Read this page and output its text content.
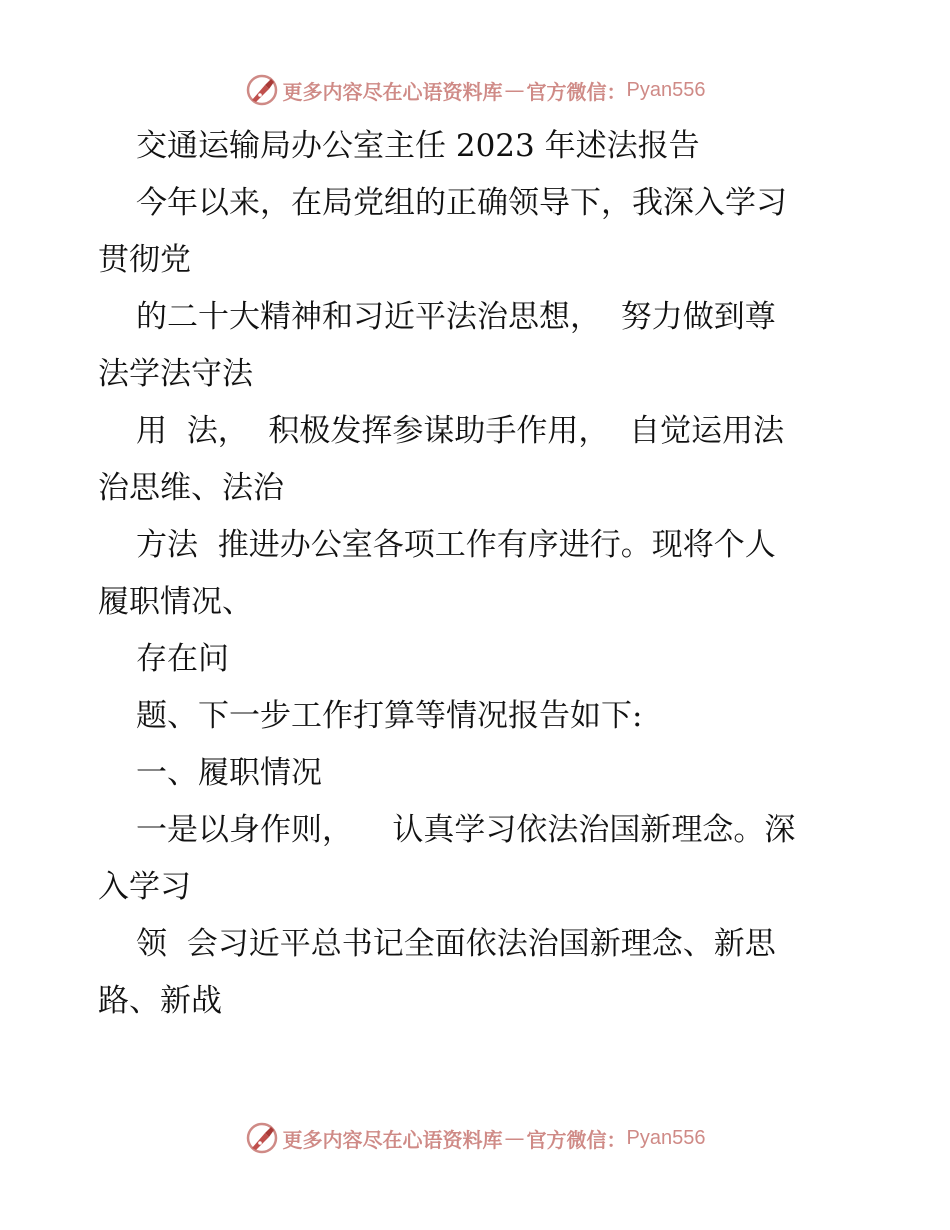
更多内容尽在心语资料库 — 官方微信： Pyan556
交通运输局办公室主任 2023 年述法报告
今年以来，在局党组的正确领导下，我深入学习
贯彻党
的二十大精神和习近平法治思想，  努力做到尊
法学法守法
用  法，  积极发挥参谋助手作用，  自觉运用法
治思维、法治
方法  推进办公室各项工作有序进行。现将个人
履职情况、
存在问
题、下一步工作打算等情况报告如下:
一、履职情况
一是以身作则，    认真学习依法治国新理念。深
入学习
领  会习近平总书记全面依法治国新理念、新思
路、新战
更多内容尽在心语资料库 — 官方微信： Pyan556
